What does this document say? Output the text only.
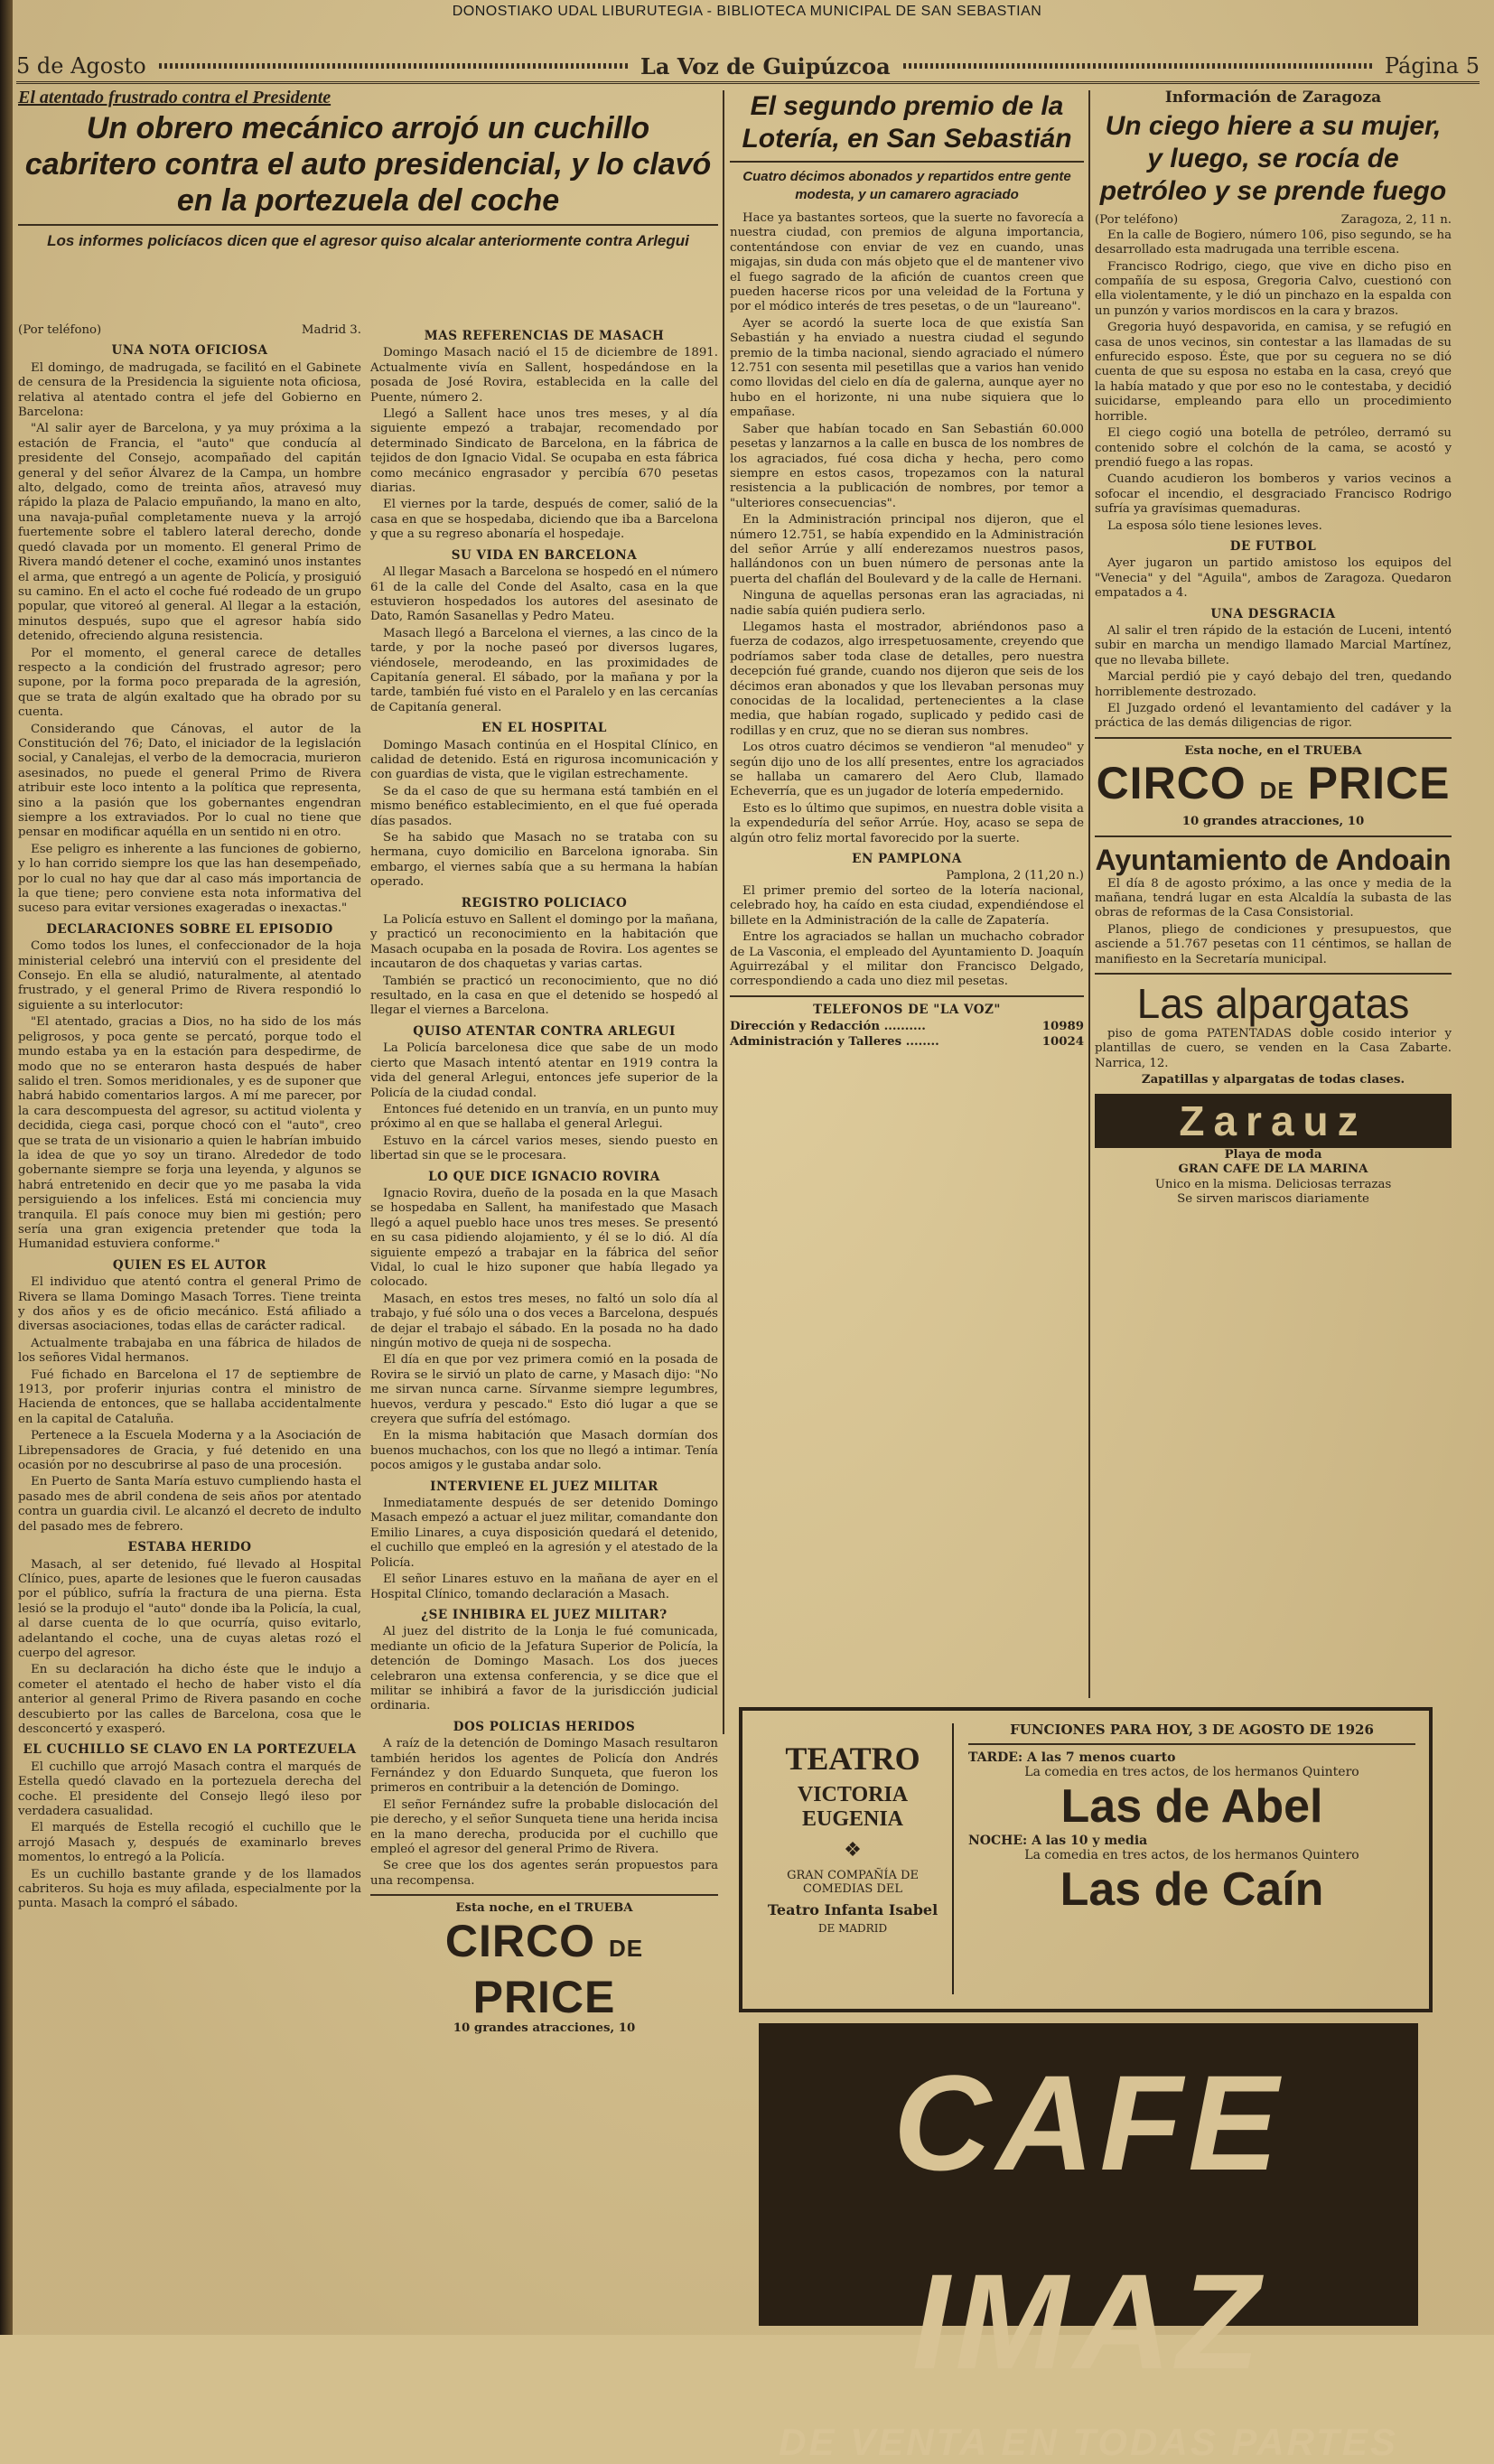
DONOSTIAKO UDAL LIBURUTEGIA - BIBLIOTECA MUNICIPAL DE SAN SEBASTIAN
5 de Agosto	La Voz de Guipúzcoa	Página 5
El atentado frustrado contra el Presidente
Un obrero mecánico arrojó un cuchillo cabritero contra el auto presidencial, y lo clavó en la portezuela del coche
Los informes policíacos dicen que el agresor quiso alcalar anteriormente contra Arlegui
(Por teléfono)	Madrid 3.
UNA NOTA OFICIOSA

El domingo, de madrugada, se facilitó en el Gabinete de censura de la Presidencia la siguiente nota oficiosa, relativa al atentado contra el jefe del Gobierno en Barcelona:

"Al salir ayer de Barcelona, y ya muy próxima a la estación de Francia, el "auto" que conducía al presidente del Consejo, acompañado del capitán general y del señor Álvarez de la Campa, un hombre alto, delgado, como de treinta años, atravesó muy rápido la plaza de Palacio empuñando, la mano en alto, una navaja-puñal completamente nueva y la arrojó fuertemente sobre el tablero lateral derecho, donde quedó clavada por un momento. El general Primo de Rivera mandó detener el coche, examinó unos instantes el arma, que entregó a un agente de Policía, y prosiguió su camino. En el acto el coche fué rodeado de un grupo popular, que vitoreó al general. Al llegar a la estación, minutos después, supo que el agresor había sido detenido, ofreciendo alguna resistencia.

Por el momento, el general carece de detalles respecto a la condición del frustrado agresor; pero supone, por la forma poco preparada de la agresión, que se trata de algún exaltado que ha obrado por su cuenta.

Considerando que Cánovas, el autor de la Constitución del 76; Dato, el iniciador de la legislación social, y Canalejas, el verbo de la democracia, murieron asesinados, no puede el general Primo de Rivera atribuir este loco intento a la política que representa, sino a la pasión que los gobernantes engendran siempre a los extraviados. Por lo cual no tiene que pensar en modificar aquélla en un sentido ni en otro.

Ese peligro es inherente a las funciones de gobierno, y lo han corrido siempre los que las han desempeñado, por lo cual no hay que dar al caso más importancia de la que tiene; pero conviene esta nota informativa del suceso para evitar versiones exageradas o inexactas."

DECLARACIONES SOBRE EL EPISODIO

Como todos los lunes, el confeccionador de la hoja ministerial celebró una interviú con el presidente del Consejo. En ella se aludió, naturalmente, al atentado frustrado, y el general Primo de Rivera respondió lo siguiente a su interlocutor:

"El atentado, gracias a Dios, no ha sido de los más peligrosos, y poca gente se percató, porque todo el mundo estaba ya en la estación para despedirme, de modo que no se enteraron hasta después de haber salido el tren. Somos meridionales, y es de suponer que habrá habido comentarios largos. A mí me parecer, por la cara descompuesta del agresor, su actitud violenta y decidida, ciega casi, porque chocó con el "auto", creo que se trata de un visionario a quien le habrían imbuido la idea de que yo soy un tirano. Alrededor de todo gobernante siempre se forja una leyenda, y algunos se habrá entretenido en decir que yo me pasaba la vida persiguiendo a los infelices. Está mi conciencia muy tranquila. El país conoce muy bien mi gestión; pero sería una gran exigencia pretender que toda la Humanidad estuviera conforme."

QUIEN ES EL AUTOR

El individuo que atentó contra el general Primo de Rivera se llama Domingo Masach Torres. Tiene treinta y dos años y es de oficio mecánico. Está afiliado a diversas asociaciones, todas ellas de carácter radical.

Actualmente trabajaba en una fábrica de hilados de los señores Vidal hermanos.

Fué fichado en Barcelona el 17 de septiembre de 1913, por proferir injurias contra el ministro de Hacienda de entonces, que se hallaba accidentalmente en la capital de Cataluña.

Pertenece a la Escuela Moderna y a la Asociación de Librepensadores de Gracia, y fué detenido en una ocasión por no descubrirse al paso de una procesión.

En Puerto de Santa María estuvo cumpliendo hasta el pasado mes de abril condena de seis años por atentado contra un guardia civil. Le alcanzó el decreto de indulto del pasado mes de febrero.

ESTABA HERIDO

Masach, al ser detenido, fué llevado al Hospital Clínico, pues, aparte de lesiones que le fueron causadas por el público, sufría la fractura de una pierna. Esta lesió se la produjo el "auto" donde iba la Policía, la cual, al darse cuenta de lo que ocurría, quiso evitarlo, adelantando el coche, una de cuyas aletas rozó el cuerpo del agresor.

En su declaración ha dicho éste que le indujo a cometer el atentado el hecho de haber visto el día anterior al general Primo de Rivera pasando en coche descubierto por las calles de Barcelona, cosa que le desconcertó y exasperó.

EL CUCHILLO SE CLAVO EN LA PORTEZUELA

El cuchillo que arrojó Masach contra el marqués de Estella quedó clavado en la portezuela derecha del coche. El presidente del Consejo llegó ileso por verdadera casualidad.

El marqués de Estella recogió el cuchillo que le arrojó Masach y, después de examinarlo breves momentos, lo entregó a la Policía.

Es un cuchillo bastante grande y de los llamados cabriteros. Su hoja es muy afilada, especialmente por la punta. Masach la compró el sábado.

MAS REFERENCIAS DE MASACH

Domingo Masach nació el 15 de diciembre de 1891. Actualmente vivía en Sallent, hospedándose en la posada de José Rovira, establecida en la calle del Puente, número 2.

Llegó a Sallent hace unos tres meses, y al día siguiente empezó a trabajar, recomendado por determinado Sindicato de Barcelona, en la fábrica de tejidos de don Ignacio Vidal. Se ocupaba en esta fábrica como mecánico engrasador y percibía 670 pesetas diarias.

El viernes por la tarde, después de comer, salió de la casa en que se hospedaba, diciendo que iba a Barcelona y que a su regreso abonaría el hospedaje.

SU VIDA EN BARCELONA

Al llegar Masach a Barcelona se hospedó en el número 61 de la calle del Conde del Asalto, casa en la que estuvieron hospedados los autores del asesinato de Dato, Ramón Sasanellas y Pedro Mateu.

Masach llegó a Barcelona el viernes, a las cinco de la tarde, y por la noche paseó por diversos lugares, viéndosele, merodeando, en las proximidades de Capitanía general. El sábado, por la mañana y por la tarde, también fué visto en el Paralelo y en las cercanías de Capitanía general.

EN EL HOSPITAL

Domingo Masach continúa en el Hospital Clínico, en calidad de detenido. Está en rigurosa incomunicación y con guardias de vista, que le vigilan estrechamente.

Se da el caso de que su hermana está también en el mismo benéfico establecimiento, en el que fué operada días pasados.

Se ha sabido que Masach no se trataba con su hermana, cuyo domicilio en Barcelona ignoraba. Sin embargo, el viernes sabía que a su hermana la habían operado.

REGISTRO POLICIACO

La Policía estuvo en Sallent el domingo por la mañana, y practicó un reconocimiento en la habitación que Masach ocupaba en la posada de Rovira. Los agentes se incautaron de dos chaquetas y varias cartas.

También se practicó un reconocimiento, que no dió resultado, en la casa en que el detenido se hospedó al llegar el viernes a Barcelona.

QUISO ATENTAR CONTRA ARLEGUI

La Policía barcelonesa dice que sabe de un modo cierto que Masach intentó atentar en 1919 contra la vida del general Arlegui, entonces jefe superior de la Policía de la ciudad condal.

Entonces fué detenido en un tranvía, en un punto muy próximo al en que se hallaba el general Arlegui.

Estuvo en la cárcel varios meses, siendo puesto en libertad sin que se le procesara.

LO QUE DICE IGNACIO ROVIRA

Ignacio Rovira, dueño de la posada en la que Masach se hospedaba en Sallent, ha manifestado que Masach llegó a aquel pueblo hace unos tres meses. Se presentó en su casa pidiendo alojamiento, y él se lo dió. Al día siguiente empezó a trabajar en la fábrica del señor Vidal, lo cual le hizo suponer que había llegado ya colocado.

Masach, en estos tres meses, no faltó un solo día al trabajo, y fué sólo una o dos veces a Barcelona, después de dejar el trabajo el sábado. En la posada no ha dado ningún motivo de queja ni de sospecha.

El día en que por vez primera comió en la posada de Rovira se le sirvió un plato de carne, y Masach dijo: "No me sirvan nunca carne. Sírvanme siempre legumbres, huevos, verdura y pescado." Esto dió lugar a que se creyera que sufría del estómago.

En la misma habitación que Masach dormían dos buenos muchachos, con los que no llegó a intimar. Tenía pocos amigos y le gustaba andar solo.

INTERVIENE EL JUEZ MILITAR

Inmediatamente después de ser detenido Domingo Masach empezó a actuar el juez militar, comandante don Emilio Linares, a cuya disposición quedará el detenido, el cuchillo que empleó en la agresión y el atestado de la Policía.

El señor Linares estuvo en la mañana de ayer en el Hospital Clínico, tomando declaración a Masach.

¿SE INHIBIRA EL JUEZ MILITAR?

Al juez del distrito de la Lonja le fué comunicada, mediante un oficio de la Jefatura Superior de Policía, la detención de Domingo Masach. Los dos jueces celebraron una extensa conferencia, y se dice que el militar se inhibirá a favor de la jurisdicción judicial ordinaria.

DOS POLICIAS HERIDOS

A raíz de la detención de Domingo Masach resultaron también heridos los agentes de Policía don Andrés Fernández y don Eduardo Sunqueta, que fueron los primeros en contribuir a la detención de Domingo.

El señor Fernández sufre la probable dislocación del pie derecho, y el señor Sunqueta tiene una herida incisa en la mano derecha, producida por el cuchillo que empleó el agresor del general Primo de Rivera.

Se cree que los dos agentes serán propuestos para una recompensa.

Esta noche, en el TRUEBA
CIRCO DE PRICE
10 grandes atracciones, 10
El segundo premio de la Lotería, en San Sebastián
Cuatro décimos abonados y repartidos entre gente modesta, y un camarero agraciado

Hace ya bastantes sorteos, que la suerte no favorecía a nuestra ciudad, con premios de alguna importancia, contentándose con enviar de vez en cuando, unas migajas, sin duda con más objeto que el de mantener vivo el fuego sagrado de la afición de cuantos creen que pueden hacerse ricos por una veleidad de la Fortuna y por el módico interés de tres pesetas, o de un "laureano".

Ayer se acordó la suerte loca de que existía San Sebastián y ha enviado a nuestra ciudad el segundo premio de la timba nacional, siendo agraciado el número 12.751 con sesenta mil pesetillas que a varios han venido como llovidas del cielo en día de galerna, aunque ayer no hubo en el horizonte, ni una nube siquiera que lo empañase.

Saber que habían tocado en San Sebastián 60.000 pesetas y lanzarnos a la calle en busca de los nombres de los agraciados, fué cosa dicha y hecha, pero como siempre en estos casos, tropezamos con la natural resistencia a la publicación de nombres, por temor a "ulteriores consecuencias".

En la Administración principal nos dijeron, que el número 12.751, se había expendido en la Administración del señor Arrúe y allí enderezamos nuestros pasos, hallándonos con un buen número de personas ante la puerta del chaflán del Boulevard y de la calle de Hernani.

Ninguna de aquellas personas eran las agraciadas, ni nadie sabía quién pudiera serlo.

Llegamos hasta el mostrador, abriéndonos paso a fuerza de codazos, algo irrespetuosamente, creyendo que podríamos saber toda clase de detalles, pero nuestra decepción fué grande, cuando nos dijeron que seis de los décimos eran abonados y que los llevaban personas muy conocidas de la localidad, pertenecientes a la clase media, que habían rogado, suplicado y pedido casi de rodillas y en cruz, que no se dieran sus nombres.

Los otros cuatro décimos se vendieron "al menudeo" y según dijo uno de los allí presentes, entre los agraciados se hallaba un camarero del Aero Club, llamado Echeverría, que es un jugador de lotería empedernido.

Esto es lo último que supimos, en nuestra doble visita a la expendeduría del señor Arrúe. Hoy, acaso se sepa de algún otro feliz mortal favorecido por la suerte.

EN PAMPLONA
Pamplona, 2 (11,20 n.)

El primer premio del sorteo de la lotería nacional, celebrado hoy, ha caído en esta ciudad, expendiéndose el billete en la Administración de la calle de Zapatería.

Entre los agraciados se hallan un muchacho cobrador de La Vasconia, el empleado del Ayuntamiento D. Joaquín Aguirrezábal y el militar don Francisco Delgado, correspondiendo a cada uno diez mil pesetas.

TELEFONOS DE "LA VOZ"
Dirección y Redacción ..........	10989
Administración y Talleres ........	10024
Información de Zaragoza
Un ciego hiere a su mujer, y luego, se rocía de petróleo y se prende fuego
(Por teléfono)	Zaragoza, 2, 11 n.

En la calle de Bogiero, número 106, piso segundo, se ha desarrollado esta madrugada una terrible escena.

Francisco Rodrigo, ciego, que vive en dicho piso en compañía de su esposa, Gregoria Calvo, cuestionó con ella violentamente, y le dió un pinchazo en la espalda con un punzón y varios mordiscos en la cara y brazos.

Gregoria huyó despavorida, en camisa, y se refugió en casa de unos vecinos, sin contestar a las llamadas de su enfurecido esposo. Éste, que por su ceguera no se dió cuenta de que su esposa no estaba en la casa, creyó que la había matado y que por eso no le contestaba, y decidió suicidarse, empleando para ello un procedimiento horrible.

El ciego cogió una botella de petróleo, derramó su contenido sobre el colchón de la cama, se acostó y prendió fuego a las ropas.

Cuando acudieron los bomberos y varios vecinos a sofocar el incendio, el desgraciado Francisco Rodrigo sufría ya gravísimas quemaduras.

La esposa sólo tiene lesiones leves.

DE FUTBOL

Ayer jugaron un partido amistoso los equipos del "Venecia" y del "Aguila", ambos de Zaragoza. Quedaron empatados a 4.

UNA DESGRACIA

Al salir el tren rápido de la estación de Luceni, intentó subir en marcha un mendigo llamado Marcial Martínez, que no llevaba billete.

Marcial perdió pie y cayó debajo del tren, quedando horriblemente destrozado.

El Juzgado ordenó el levantamiento del cadáver y la práctica de las demás diligencias de rigor.

Esta noche, en el TRUEBA
CIRCO DE PRICE
10 grandes atracciones, 10
Ayuntamiento de Andoain

El día 8 de agosto próximo, a las once y media de la mañana, tendrá lugar en esta Alcaldía la subasta de las obras de reformas de la Casa Consistorial.

Planos, pliego de condiciones y presupuestos, que asciende a 51.767 pesetas con 11 céntimos, se hallan de manifiesto en la Secretaría municipal.

Las alpargatas

piso de goma PATENTADAS doble cosido interior y plantillas de cuero, se venden en la Casa Zabarte. Narrica, 12.

Zapatillas y alpargatas de todas clases.

Zarauz
Playa de moda
GRAN CAFE DE LA MARINA
Unico en la misma. Deliciosas terrazas
Se sirven mariscos diariamente
TEATRO
VICTORIA EUGENIA
❖
GRAN COMPAÑÍA DE
COMEDIAS DEL
Teatro Infanta Isabel
DE MADRID
FUNCIONES PARA HOY, 3 DE AGOSTO DE 1926
TARDE: A las 7 menos cuarto
La comedia en tres actos, de los hermanos Quintero
Las de Abel
NOCHE: A las 10 y media
La comedia en tres actos, de los hermanos Quintero
Las de Caín
CAFE IMAZ
DE VENTA EN TODAS PARTES
